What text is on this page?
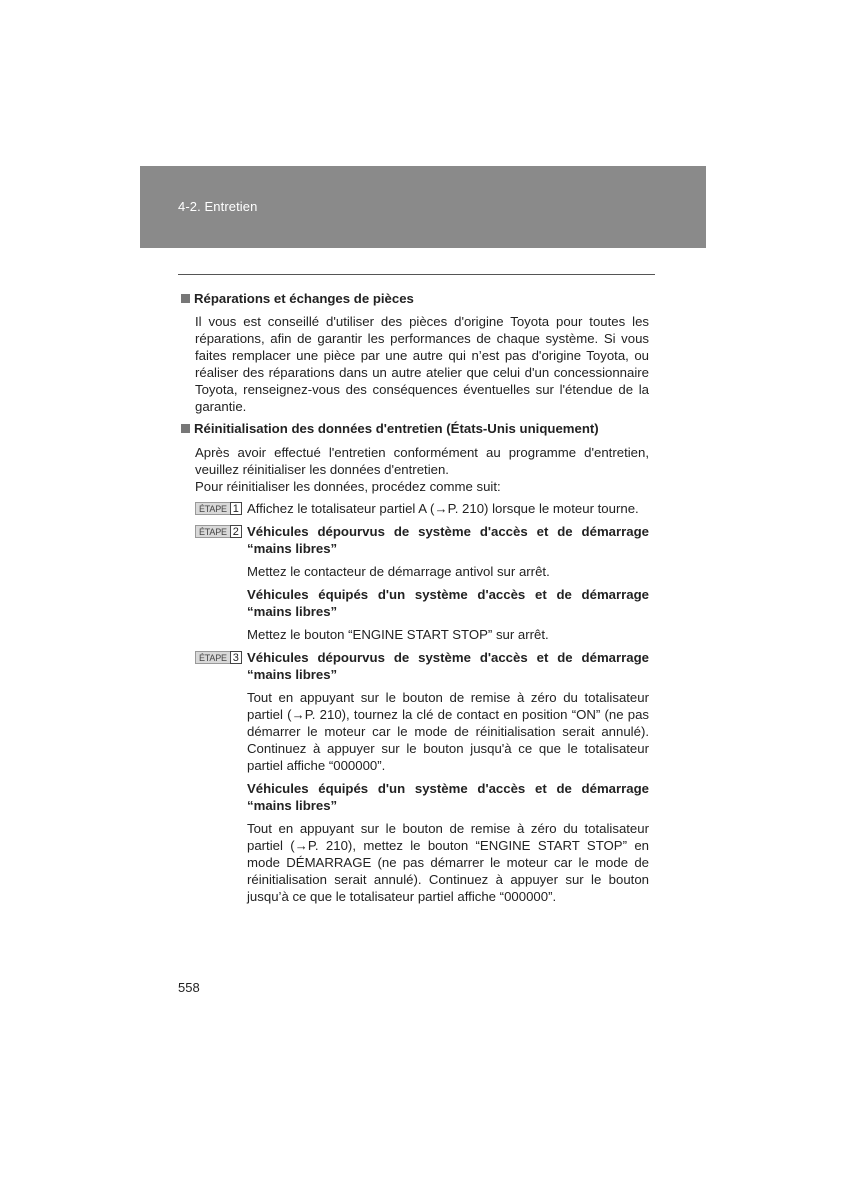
4-2. Entretien
Réparations et échanges de pièces
Il vous est conseillé d'utiliser des pièces d'origine Toyota pour toutes les
réparations, afin de garantir les performances de chaque système. Si vous
faites remplacer une pièce par une autre qui n’est pas d'origine Toyota, ou
réaliser des réparations dans un autre atelier que celui d'un concessionnaire
Toyota, renseignez-vous des conséquences éventuelles sur l'étendue de la
garantie.
Réinitialisation des données d'entretien (États-Unis uniquement)
Après avoir effectué l'entretien conformément au programme d'entretien,
veuillez réinitialiser les données d'entretien.
Pour réinitialiser les données, procédez comme suit:
ÉTAPE 1 Affichez le totalisateur partiel A (→P. 210) lorsque le moteur tourne.
ÉTAPE 2 Véhicules dépourvus de système d'accès et de démarrage
“mains libres”
Mettez le contacteur de démarrage antivol sur arrêt.
Véhicules équipés d'un système d'accès et de démarrage
“mains libres”
Mettez le bouton “ENGINE START STOP” sur arrêt.
ÉTAPE 3 Véhicules dépourvus de système d'accès et de démarrage
“mains libres”
Tout en appuyant sur le bouton de remise à zéro du totalisateur
partiel (→P. 210), tournez la clé de contact en position “ON” (ne pas
démarrer le moteur car le mode de réinitialisation serait annulé).
Continuez à appuyer sur le bouton jusqu'à ce que le totalisateur
partiel affiche “000000”.
Véhicules équipés d'un système d'accès et de démarrage
“mains libres”
Tout en appuyant sur le bouton de remise à zéro du totalisateur
partiel (→P. 210), mettez le bouton “ENGINE START STOP” en
mode DÉMARRAGE (ne pas démarrer le moteur car le mode de
réinitialisation serait annulé). Continuez à appuyer sur le bouton
jusqu’à ce que le totalisateur partiel affiche “000000”.
558
